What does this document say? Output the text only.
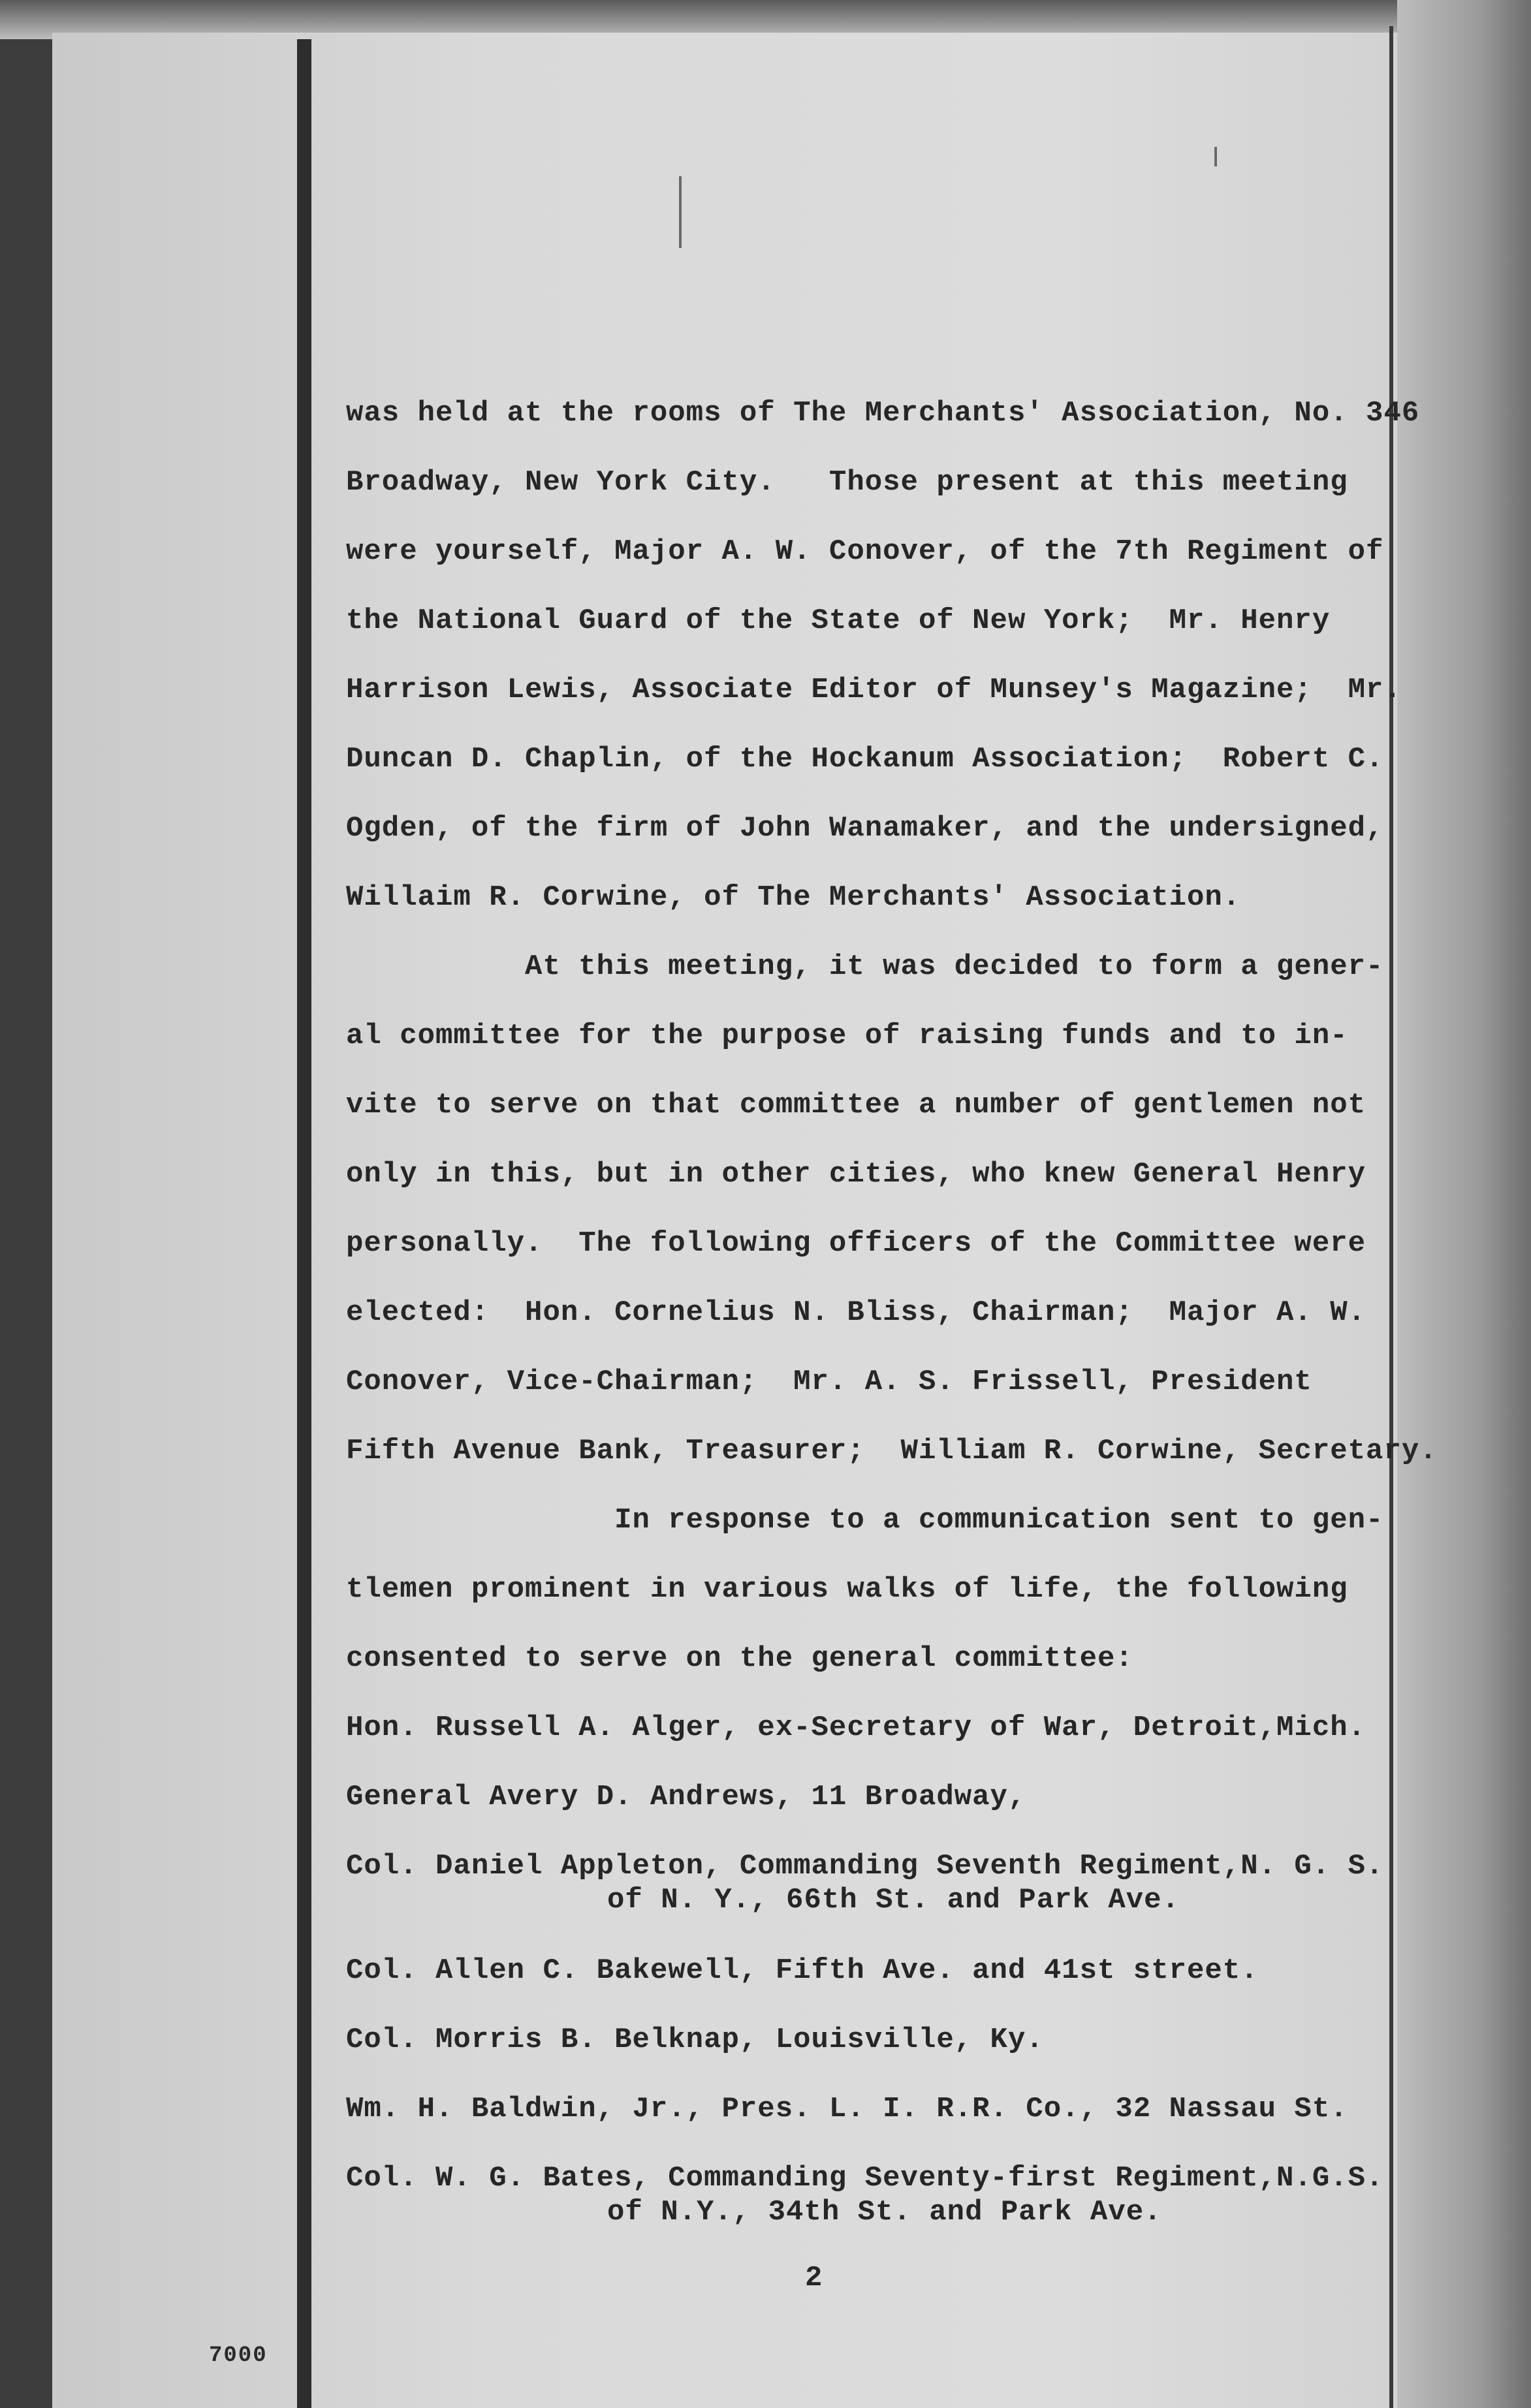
was held at the rooms of The Merchants' Association, No. 346
Broadway, New York City.   Those present at this meeting
were yourself, Major A. W. Conover, of the 7th Regiment of
the National Guard of the State of New York;  Mr. Henry
Harrison Lewis, Associate Editor of Munsey's Magazine;  Mr.
Duncan D. Chaplin, of the Hockanum Association;  Robert C.
Ogden, of the firm of John Wanamaker, and the undersigned,
Willaim R. Corwine, of The Merchants' Association.
At this meeting, it was decided to form a gener-
al committee for the purpose of raising funds and to in-
vite to serve on that committee a number of gentlemen not
only in this, but in other cities, who knew General Henry
personally.  The following officers of the Committee were
elected:  Hon. Cornelius N. Bliss, Chairman;  Major A. W.
Conover, Vice-Chairman;  Mr. A. S. Frissell, President
Fifth Avenue Bank, Treasurer;  William R. Corwine, Secretary.
In response to a communication sent to gen-
tlemen prominent in various walks of life, the following
consented to serve on the general committee:
Hon. Russell A. Alger, ex-Secretary of War, Detroit,Mich.
General Avery D. Andrews, 11 Broadway,
Col. Daniel Appleton, Commanding Seventh Regiment,N. G. S.
of N. Y., 66th St. and Park Ave.
Col. Allen C. Bakewell, Fifth Ave. and 41st street.
Col. Morris B. Belknap, Louisville, Ky.
Wm. H. Baldwin, Jr., Pres. L. I. R.R. Co., 32 Nassau St.
Col. W. G. Bates, Commanding Seventy-first Regiment,N.G.S.
of N.Y., 34th St. and Park Ave.
2
7000
